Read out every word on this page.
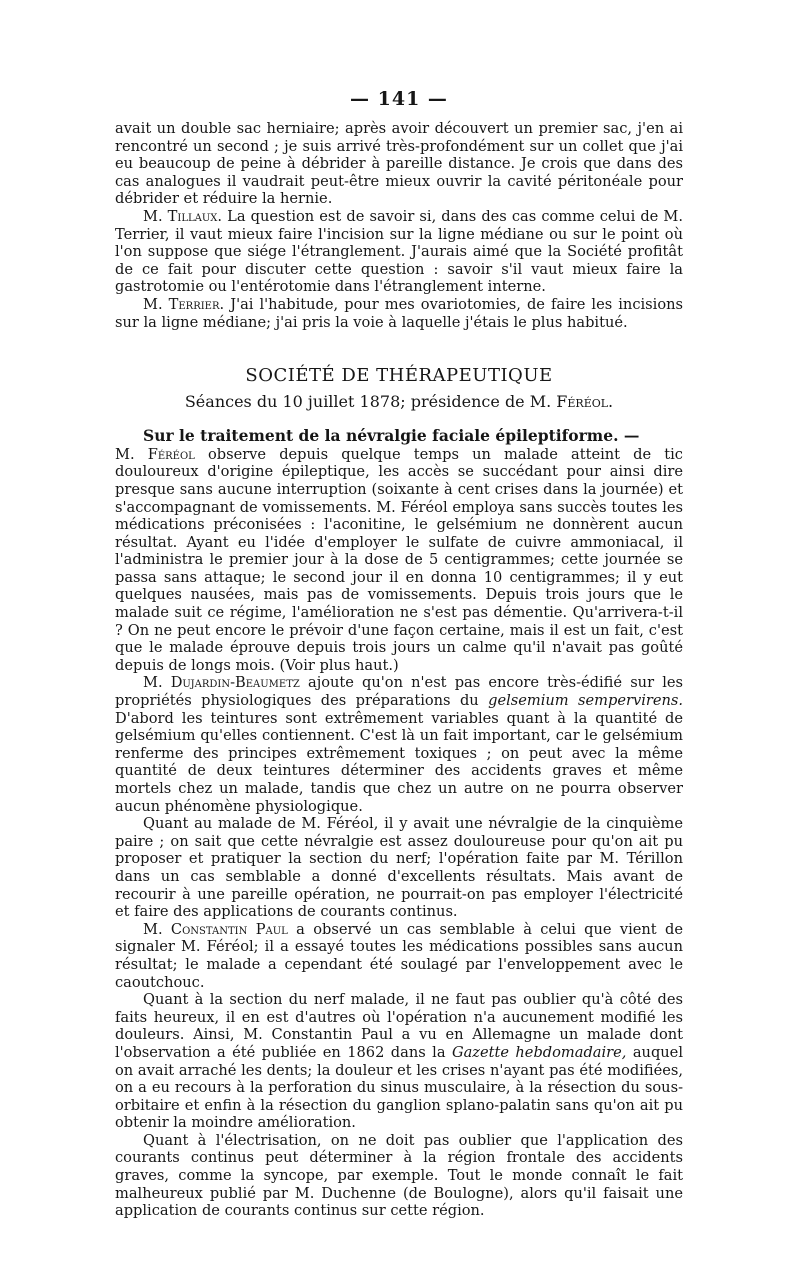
— 141 —

avait un double sac herniaire; après avoir découvert un premier sac, j'en ai rencontré un second ; je suis arrivé très-profondément sur un collet que j'ai eu beaucoup de peine à débrider à pareille distance. Je crois que dans des cas analogues il vaudrait peut-être mieux ouvrir la cavité péritonéale pour débrider et réduire la hernie.

M. Tillaux. La question est de savoir si, dans des cas comme celui de M. Terrier, il vaut mieux faire l'incision sur la ligne médiane ou sur le point où l'on suppose que siége l'étranglement. J'aurais aimé que la Société profitât de ce fait pour discuter cette question : savoir s'il vaut mieux faire la gastrotomie ou l'entérotomie dans l'étranglement interne.

M. Terrier. J'ai l'habitude, pour mes ovariotomies, de faire les incisions sur la ligne médiane; j'ai pris la voie à laquelle j'étais le plus habitué.

SOCIÉTÉ DE THÉRAPEUTIQUE
Séances du 10 juillet 1878; présidence de M. Féréol.

Sur le traitement de la névralgie faciale épileptiforme. —

M. Féréol observe depuis quelque temps un malade atteint de tic douloureux d'origine épileptique, les accès se succédant pour ainsi dire presque sans aucune interruption (soixante à cent crises dans la journée) et s'accompagnant de vomissements. M. Féréol employa sans succès toutes les médications préconisées : l'aconitine, le gelsémium ne donnèrent aucun résultat. Ayant eu l'idée d'employer le sulfate de cuivre ammoniacal, il l'administra le premier jour à la dose de 5 centigrammes; cette journée se passa sans attaque; le second jour il en donna 10 centigrammes; il y eut quelques nausées, mais pas de vomissements. Depuis trois jours que le malade suit ce régime, l'amélioration ne s'est pas démentie. Qu'arrivera-t-il ? On ne peut encore le prévoir d'une façon certaine, mais il est un fait, c'est que le malade éprouve depuis trois jours un calme qu'il n'avait pas goûté depuis de longs mois. (Voir plus haut.)

M. Dujardin-Beaumetz ajoute qu'on n'est pas encore très-édifié sur les propriétés physiologiques des préparations du gelsemium sempervirens. D'abord les teintures sont extrêmement variables quant à la quantité de gelsémium qu'elles contiennent. C'est là un fait important, car le gelsémium renferme des principes extrêmement toxiques ; on peut avec la même quantité de deux teintures déterminer des accidents graves et même mortels chez un malade, tandis que chez un autre on ne pourra observer aucun phénomène physiologique.

Quant au malade de M. Féréol, il y avait une névralgie de la cinquième paire ; on sait que cette névralgie est assez douloureuse pour qu'on ait pu proposer et pratiquer la section du nerf; l'opération faite par M. Térillon dans un cas semblable a donné d'excellents résultats. Mais avant de recourir à une pareille opération, ne pourrait-on pas employer l'électricité et faire des applications de courants continus.

M. Constantin Paul a observé un cas semblable à celui que vient de signaler M. Féréol; il a essayé toutes les médications possibles sans aucun résultat; le malade a cependant été soulagé par l'enveloppement avec le caoutchouc.

Quant à la section du nerf malade, il ne faut pas oublier qu'à côté des faits heureux, il en est d'autres où l'opération n'a aucunement modifié les douleurs. Ainsi, M. Constantin Paul a vu en Allemagne un malade dont l'observation a été publiée en 1862 dans la Gazette hebdomadaire, auquel on avait arraché les dents; la douleur et les crises n'ayant pas été modifiées, on a eu recours à la perforation du sinus musculaire, à la résection du sous-orbitaire et enfin à la résection du ganglion splano-palatin sans qu'on ait pu obtenir la moindre amélioration.

Quant à l'électrisation, on ne doit pas oublier que l'application des courants continus peut déterminer à la région frontale des accidents graves, comme la syncope, par exemple. Tout le monde connaît le fait malheureux publié par M. Duchenne (de Boulogne), alors qu'il faisait une application de courants continus sur cette région.
